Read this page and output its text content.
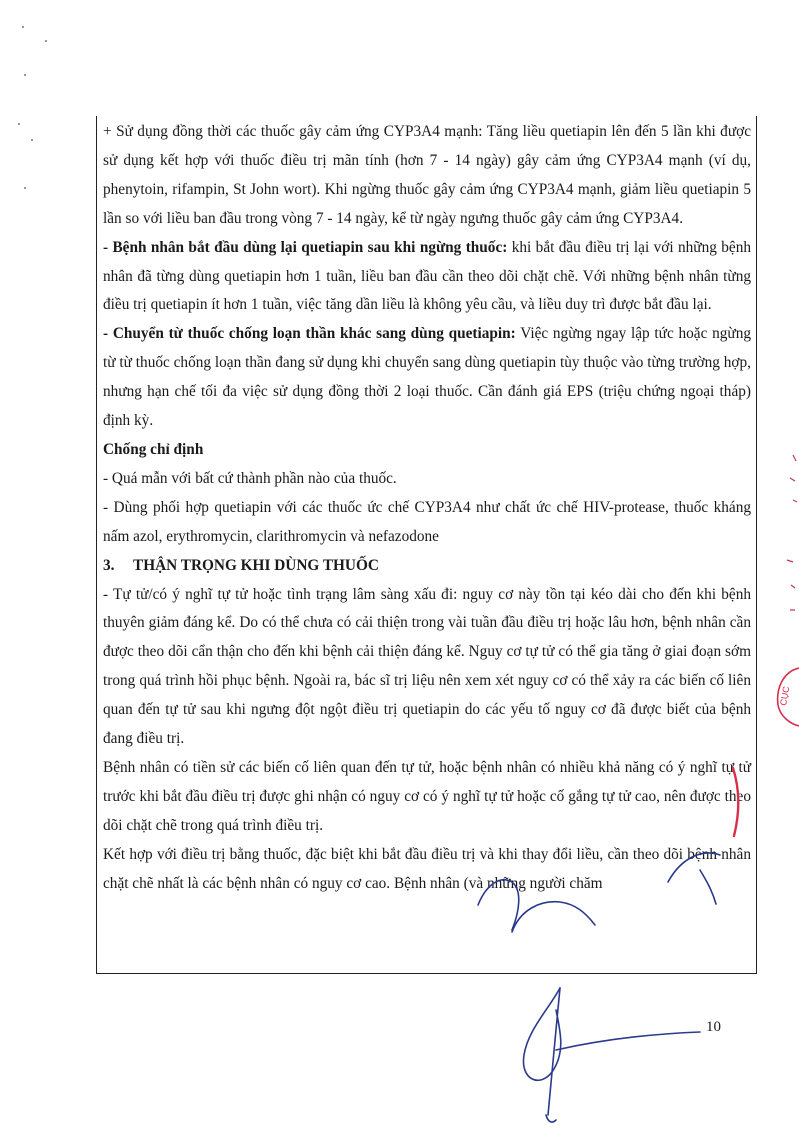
+ Sử dụng đồng thời các thuốc gây cảm ứng CYP3A4 mạnh: Tăng liều quetiapin lên đến 5 lần khi được sử dụng kết hợp với thuốc điều trị mãn tính (hơn 7 - 14 ngày) gây cảm ứng CYP3A4 mạnh (ví dụ, phenytoin, rifampin, St John wort). Khi ngừng thuốc gây cảm ứng CYP3A4 mạnh, giảm liều quetiapin 5 lần so với liều ban đầu trong vòng 7 - 14 ngày, kể từ ngày ngưng thuốc gây cảm ứng CYP3A4.

- Bệnh nhân bắt đầu dùng lại quetiapin sau khi ngừng thuốc: khi bắt đầu điều trị lại với những bệnh nhân đã từng dùng quetiapin hơn 1 tuần, liều ban đầu cần theo dõi chặt chẽ. Với những bệnh nhân từng điều trị quetiapin ít hơn 1 tuần, việc tăng dần liều là không yêu cầu, và liều duy trì được bắt đầu lại.

- Chuyển từ thuốc chống loạn thần khác sang dùng quetiapin: Việc ngừng ngay lập tức hoặc ngừng từ từ thuốc chống loạn thần đang sử dụng khi chuyển sang dùng quetiapin tùy thuộc vào từng trường hợp, nhưng hạn chế tối đa việc sử dụng đồng thời 2 loại thuốc. Cần đánh giá EPS (triệu chứng ngoại tháp) định kỳ.

Chống chỉ định

- Quá mẫn với bất cứ thành phần nào của thuốc.

- Dùng phối hợp quetiapin với các thuốc ức chế CYP3A4 như chất ức chế HIV-protease, thuốc kháng nấm azol, erythromycin, clarithromycin và nefazodone

3. THẬN TRỌNG KHI DÙNG THUỐC

- Tự tử/có ý nghĩ tự tử hoặc tình trạng lâm sàng xấu đi: nguy cơ này tồn tại kéo dài cho đến khi bệnh thuyên giảm đáng kể. Do có thể chưa có cải thiện trong vài tuần đầu điều trị hoặc lâu hơn, bệnh nhân cần được theo dõi cẩn thận cho đến khi bệnh cải thiện đáng kể. Nguy cơ tự tử có thể gia tăng ở giai đoạn sớm trong quá trình hồi phục bệnh. Ngoài ra, bác sĩ trị liệu nên xem xét nguy cơ có thể xảy ra các biến cố liên quan đến tự tử sau khi ngưng đột ngột điều trị quetiapin do các yếu tố nguy cơ đã được biết của bệnh đang điều trị.

Bệnh nhân có tiền sử các biến cố liên quan đến tự tử, hoặc bệnh nhân có nhiều khả năng có ý nghĩ tự tử trước khi bắt đầu điều trị được ghi nhận có nguy cơ có ý nghĩ tự tử hoặc cố gắng tự tử cao, nên được theo dõi chặt chẽ trong quá trình điều trị.

Kết hợp với điều trị bằng thuốc, đặc biệt khi bắt đầu điều trị và khi thay đổi liều, cần theo dõi bệnh nhân chặt chẽ nhất là các bệnh nhân có nguy cơ cao. Bệnh nhân (và những người chăm

10
CỤC
